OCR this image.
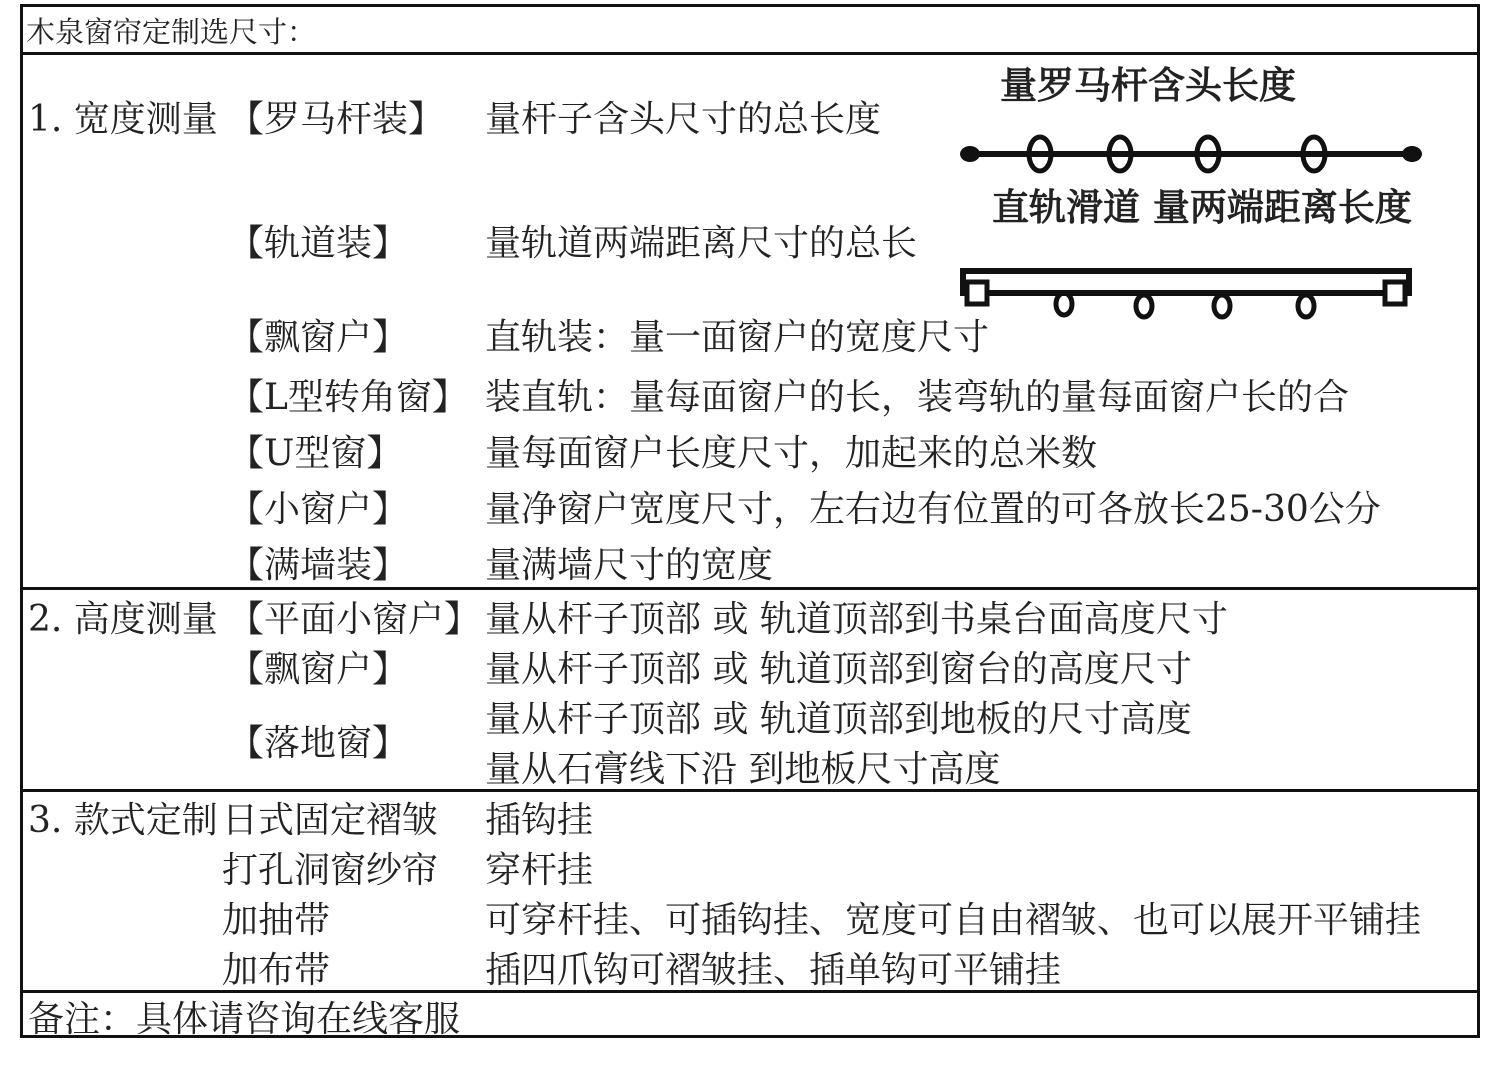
木泉窗帘定制选尺寸：
1. 宽度测量 【罗马杆装】 量杆子含头尺寸的总长度
【轨道装】 量轨道两端距离尺寸的总长
【飘窗户】 直轨装：量一面窗户的宽度尺寸
【L型转角窗】 装直轨：量每面窗户的长，装弯轨的量每面窗户长的合
【U型窗】 量每面窗户长度尺寸，加起来的总米数
【小窗户】 量净窗户宽度尺寸，左右边有位置的可各放长25-30公分
【满墙装】 量满墙尺寸的宽度
量罗马杆含头长度
直轨滑道 量两端距离长度
2. 高度测量 【平面小窗户】 量从杆子顶部 或 轨道顶部到书桌台面高度尺寸
【飘窗户】 量从杆子顶部 或 轨道顶部到窗台的高度尺寸
【落地窗】
量从杆子顶部 或 轨道顶部到地板的尺寸高度
量从石膏线下沿 到地板尺寸高度
3. 款式定制 日式固定褶皱 插钩挂
打孔洞窗纱帘 穿杆挂
加抽带	可穿杆挂、可插钩挂、宽度可自由褶皱、也可以展开平铺挂
加布带	插四爪钩可褶皱挂、插单钩可平铺挂
备注：具体请咨询在线客服
